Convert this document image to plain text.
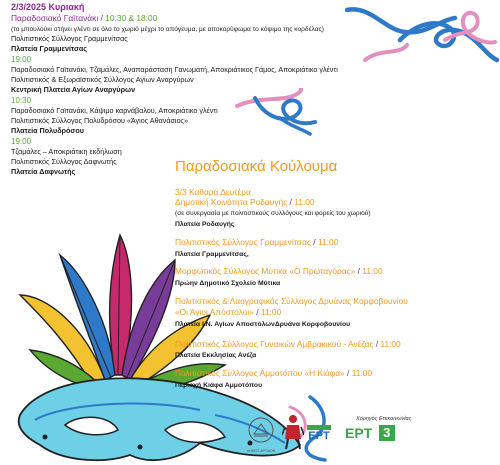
2/3/2025 Κυριακή
Παραδοσιακό Γαϊτανάκι / 10:30 & 18:00
(το μπουλούκι στήνει γλέντι σε όλο το χωριό μέχρι το απόγευμα, με αποκορύφωμα το κόψιμο της κορδέλας)
Πολιτιστικός Σύλλογος Γραμμενίτσας
Πλατεία Γραμμενίτσας
19:00
Παραδοσιακό Γαϊτανάκι, Τζαμάλες, Αναπαράσταση Γανωματή, Αποκριάτικος Γάμος, Αποκριάτικο γλέντι
Πολιτιστικός & Εξωραϊστικός Σύλλογος Αγίων Αναργύρων
Κεντρική Πλατεία Αγίων Αναργύρων
10:30
Παραδοσιακό Γαϊτανάκι, Κάψιμο καρνάβαλου, Αποκριάτικο γλέντι
Πολιτιστικός Σύλλογος Πολυδρόσου «Άγιος Αθανάσιος»
Πλατεία Πολυδρόσου
19:00
Τζαμάλες – Αποκριάτικη εκδήλωση
Πολιτιστικός Σύλλογος Δαφνωτής
Πλατεία Δαφνωτής	Παραδοσιακά Κούλουμα
3/3 Καθαρά Δευτέρα
Δημοτική Κοινότητα Ροδαυγής / 11:00
(σε συνεργασία με πολιτιστικούς συλλόγους και φορείς του χωριού)
Πλατεία Ροδαυγής
Πολιτιστικός Σύλλογος Γραμμενίτσας / 11:00
Πλατεία Γραμμενίτσας,
Μορφωτικός Σύλλογος Μύτικα «Ο Πρωταγόρας» / 11:00
Πρώην Δημοτικό Σχολείο Μύτικα
Πολιτιστικός & Λαογραφικός Σύλλογος Δρυάνας Κορφοβουνίου
«Οι Άγιοι Απόστολοι» / 11:00
Πλατεία Ι.Ν. Αγίων ΑποστόλωνΔρυάνα Κορφοβουνίου
Πολιτιστικός Σύλλογος Γυναικών Αμβρακικού - Ανέζας / 11:00
Πλατεία Εκκλησίας Ανέζα
Πολιτιστικός Σύλλογος Αμμοτόπου «Η Κιάφα» / 11:00
Περιοχή Κιάφα Αμμοτόπου
ΔΗΜΟΣ ΑΡΤΑΙΩΝ
Χορηγός Επικοινωνίας
ΕΡΤ ΕΡΤ 3
